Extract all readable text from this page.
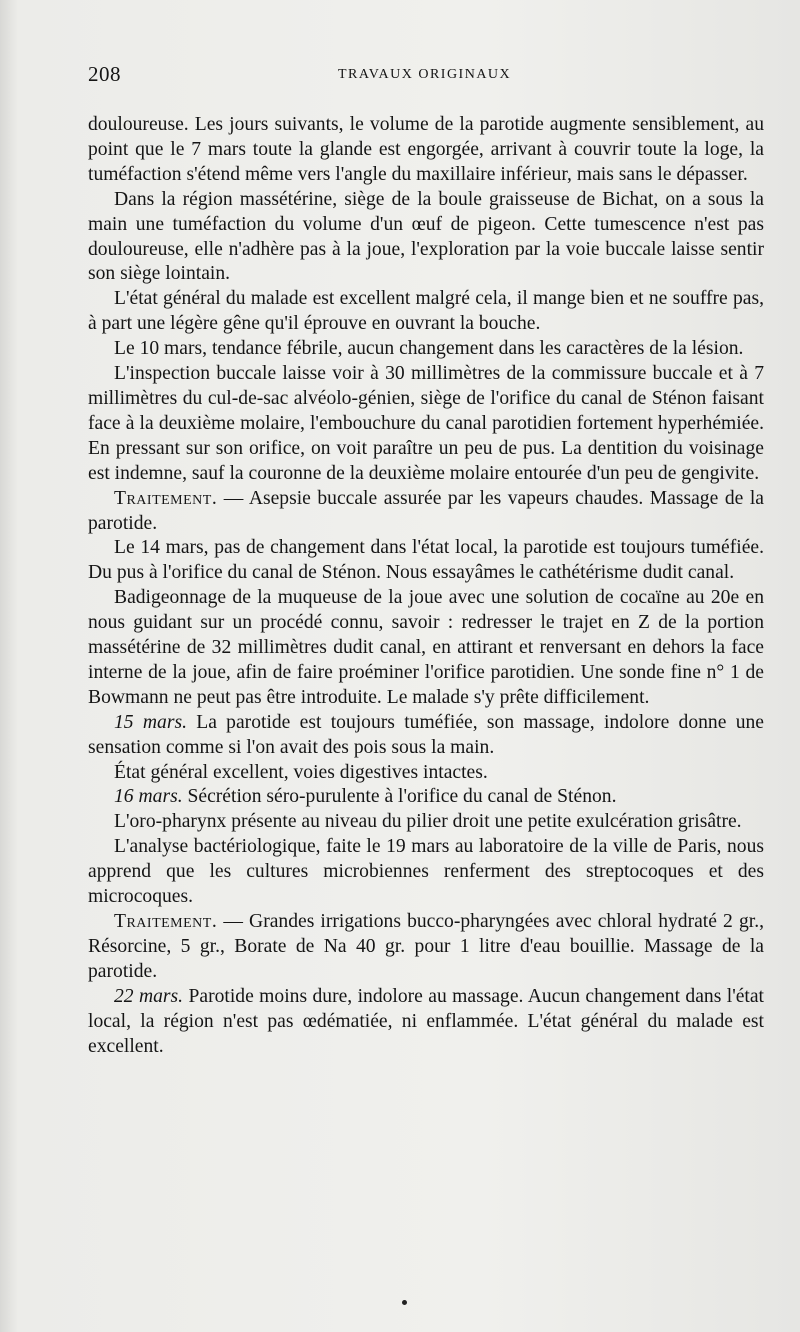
208	TRAVAUX ORIGINAUX

douloureuse. Les jours suivants, le volume de la parotide augmente sensiblement, au point que le 7 mars toute la glande est engorgée, arrivant à couvrir toute la loge, la tuméfaction s'étend même vers l'angle du maxillaire inférieur, mais sans le dépasser.

Dans la région massétérine, siège de la boule graisseuse de Bichat, on a sous la main une tuméfaction du volume d'un œuf de pigeon. Cette tumescence n'est pas douloureuse, elle n'adhère pas à la joue, l'exploration par la voie buccale laisse sentir son siège lointain.

L'état général du malade est excellent malgré cela, il mange bien et ne souffre pas, à part une légère gêne qu'il éprouve en ouvrant la bouche.

Le 10 mars, tendance fébrile, aucun changement dans les caractères de la lésion.

L'inspection buccale laisse voir à 30 millimètres de la commissure buccale et à 7 millimètres du cul-de-sac alvéolo-génien, siège de l'orifice du canal de Sténon faisant face à la deuxième molaire, l'embouchure du canal parotidien fortement hyperhémiée. En pressant sur son orifice, on voit paraître un peu de pus. La dentition du voisinage est indemne, sauf la couronne de la deuxième molaire entourée d'un peu de gengivite.

Traitement. — Asepsie buccale assurée par les vapeurs chaudes. Massage de la parotide.

Le 14 mars, pas de changement dans l'état local, la parotide est toujours tuméfiée. Du pus à l'orifice du canal de Sténon. Nous essayâmes le cathétérisme dudit canal.

Badigeonnage de la muqueuse de la joue avec une solution de cocaïne au 20e en nous guidant sur un procédé connu, savoir : redresser le trajet en Z de la portion massétérine de 32 millimètres dudit canal, en attirant et renversant en dehors la face interne de la joue, afin de faire proéminer l'orifice parotidien. Une sonde fine n° 1 de Bowmann ne peut pas être introduite. Le malade s'y prête difficilement.

15 mars. La parotide est toujours tuméfiée, son massage, indolore donne une sensation comme si l'on avait des pois sous la main.

État général excellent, voies digestives intactes.

16 mars. Sécrétion séro-purulente à l'orifice du canal de Sténon.

L'oro-pharynx présente au niveau du pilier droit une petite exulcération grisâtre.

L'analyse bactériologique, faite le 19 mars au laboratoire de la ville de Paris, nous apprend que les cultures microbiennes renferment des streptocoques et des microcoques.

Traitement. — Grandes irrigations bucco-pharyngées avec chloral hydraté 2 gr., Résorcine, 5 gr., Borate de Na 40 gr. pour 1 litre d'eau bouillie. Massage de la parotide.

22 mars. Parotide moins dure, indolore au massage. Aucun changement dans l'état local, la région n'est pas œdématiée, ni enflammée. L'état général du malade est excellent.
